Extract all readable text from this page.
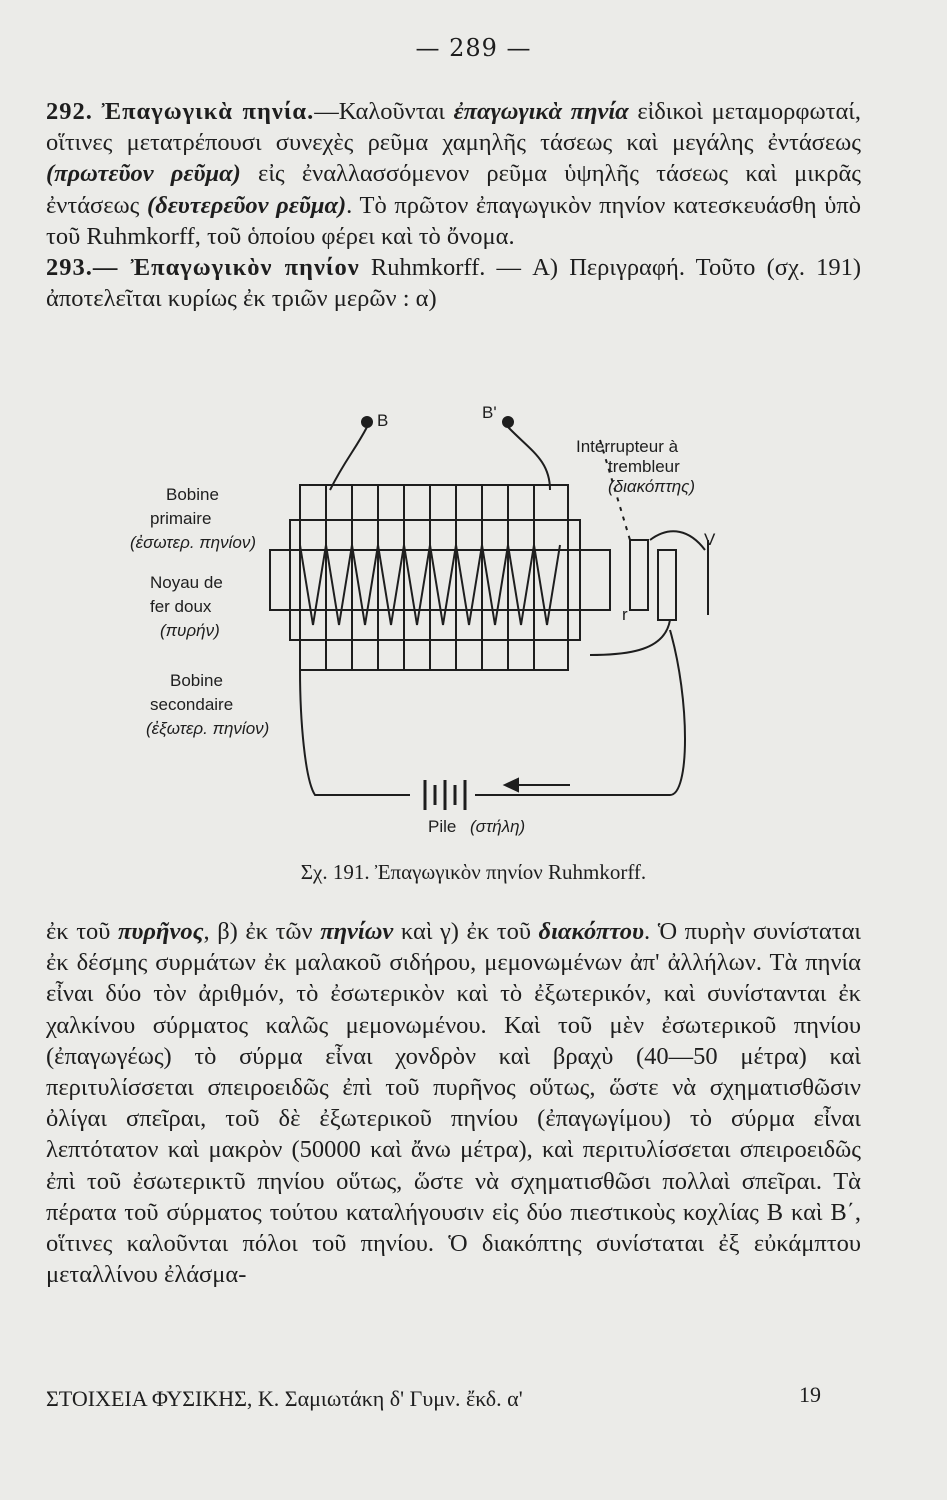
— 289 —

292. Ἐπαγωγικὰ πηνία.—Καλοῦνται ἐπαγωγικὰ πηνία εἰδικοὶ μεταμορφωταί, οἵτινες μετατρέπουσι συνεχὲς ρεῦμα χαμηλῆς τάσεως καὶ μεγάλης ἐντάσεως (πρωτεῦον ρεῦμα) εἰς ἐναλλασσόμενον ρεῦμα ὑψηλῆς τάσεως καὶ μικρᾶς ἐντάσεως (δευτερεῦον ρεῦμα). Τὸ πρῶτον ἐπαγωγικὸν πηνίον κατεσκευάσθη ὑπὸ τοῦ Ruhmkorff, τοῦ ὁποίου φέρει καὶ τὸ ὄνομα.

293.— Ἐπαγωγικὸν πηνίον Ruhmkorff. — Α) Περιγραφή. Τοῦτο (σχ. 191) ἀποτελεῖται κυρίως ἐκ τριῶν μερῶν : α)

B	B'
Interrupteur à
trembleur
(διακόπτης)
V
r
Bobine
primaire
(ἐσωτερ. πηνίον)
Noyau de
fer doux
(πυρήν)
Bobine
secondaire
(ἐξωτερ. πηνίον)
Pile (στήλη)
Σχ. 191. Ἐπαγωγικὸν πηνίον Ruhmkorff.

ἐκ τοῦ πυρῆνος, β) ἐκ τῶν πηνίων καὶ γ) ἐκ τοῦ διακόπτου. Ὁ πυρὴν συνίσταται ἐκ δέσμης συρμάτων ἐκ μαλακοῦ σιδήρου, μεμονωμένων ἀπ' ἀλλήλων. Τὰ πηνία εἶναι δύο τὸν ἀριθμόν, τὸ ἐσωτερικὸν καὶ τὸ ἐξωτερικόν, καὶ συνίστανται ἐκ χαλκίνου σύρματος καλῶς μεμονωμένου. Καὶ τοῦ μὲν ἐσωτερικοῦ πηνίου (ἐπαγωγέως) τὸ σύρμα εἶναι χονδρὸν καὶ βραχὺ (40—50 μέτρα) καὶ περιτυλίσσεται σπειροειδῶς ἐπὶ τοῦ πυρῆνος οὕτως, ὥστε νὰ σχηματισθῶσιν ὀλίγαι σπεῖραι, τοῦ δὲ ἐξωτερικοῦ πηνίου (ἐπαγωγίμου) τὸ σύρμα εἶναι λεπτότατον καὶ μακρὸν (50000 καὶ ἄνω μέτρα), καὶ περιτυλίσσεται σπειροειδῶς ἐπὶ τοῦ ἐσωτερικτῦ πηνίου οὕτως, ὥστε νὰ σχηματισθῶσι πολλαὶ σπεῖραι. Τὰ πέρατα τοῦ σύρματος τούτου καταλήγουσιν εἰς δύο πιεστικοὺς κοχλίας Β καὶ Β΄, οἵτινες καλοῦνται πόλοι τοῦ πηνίου. Ὁ διακόπτης συνίσταται ἐξ εὐκάμπτου μεταλλίνου ἐλάσμα-

ΣΤΟΙΧΕΙΑ ΦΥΣΙΚΗΣ, Κ. Σαμιωτάκη δ' Γυμν. ἔκδ. α'	19
